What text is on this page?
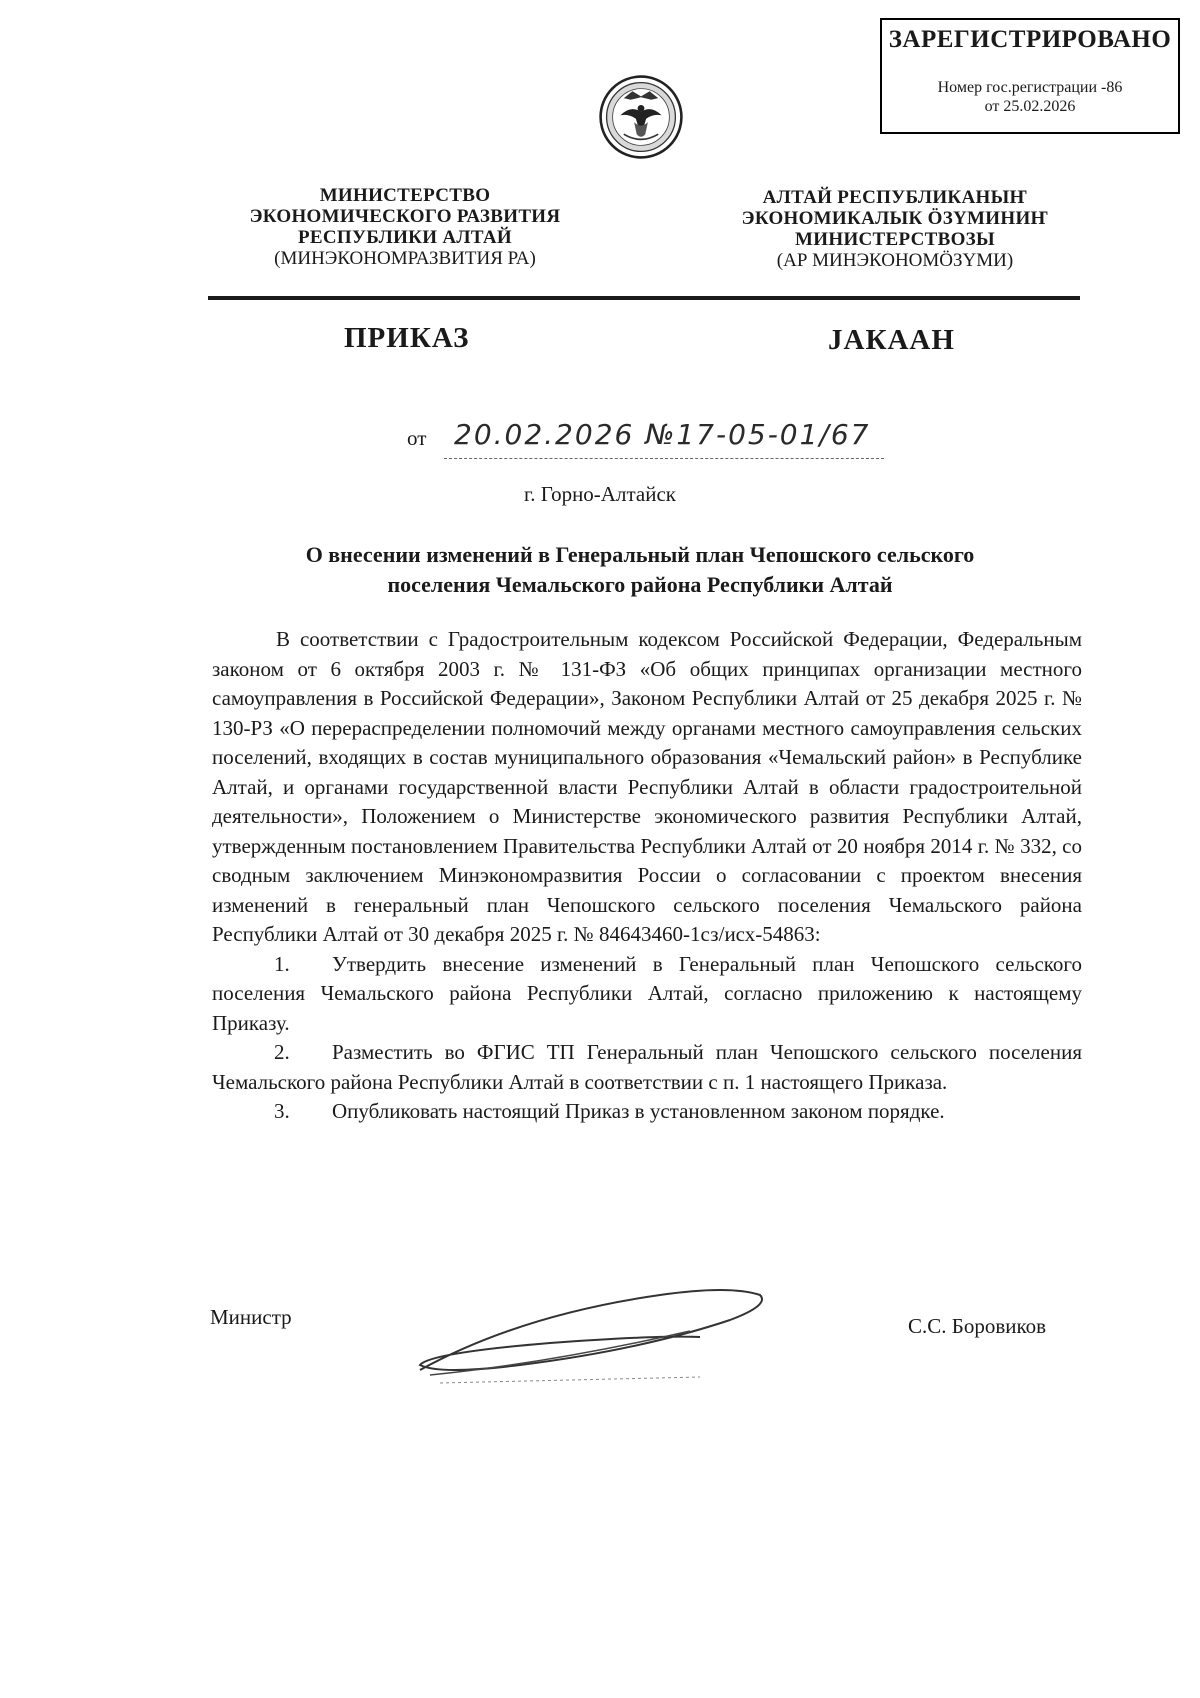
ЗАРЕГИСТРИРОВАНО
Номер гос.регистрации -86
от 25.02.2026
МИНИСТЕРСТВО
ЭКОНОМИЧЕСКОГО РАЗВИТИЯ
РЕСПУБЛИКИ АЛТАЙ
(МИНЭКОНОМРАЗВИТИЯ РА)
АЛТАЙ РЕСПУБЛИКАНЫҤ
ЭКОНОМИКАЛЫК ÖЗҮМИНИҤ
МИНИСТЕРСТВОЗЫ
(АР МИНЭКОНОМÖЗҮМИ)
ПРИКАЗ	JАКААН
от 20.02.2026 №17-05-01/67
г. Горно-Алтайск
О внесении изменений в Генеральный план Чепошского сельского
поселения Чемальского района Республики Алтай

В соответствии с Градостроительным кодексом Российской Федерации, Федеральным законом от 6 октября 2003 г. № 131-ФЗ «Об общих принципах организации местного самоуправления в Российской Федерации», Законом Республики Алтай от 25 декабря 2025 г. № 130-РЗ «О перераспределении полномочий между органами местного самоуправления сельских поселений, входящих в состав муниципального образования «Чемальский район» в Республике Алтай, и органами государственной власти Республики Алтай в области градостроительной деятельности», Положением о Министерстве экономического развития Республики Алтай, утвержденным постановлением Правительства Республики Алтай от 20 ноября 2014 г. № 332, со сводным заключением Минэкономразвития России о согласовании с проектом внесения изменений в генеральный план Чепошского сельского поселения Чемальского района Республики Алтай от 30 декабря 2025 г. № 84643460-1сз/исх-54863:

1. Утвердить внесение изменений в Генеральный план Чепошского сельского поселения Чемальского района Республики Алтай, согласно приложению к настоящему Приказу.

2. Разместить во ФГИС ТП Генеральный план Чепошского сельского поселения Чемальского района Республики Алтай в соответствии с п. 1 настоящего Приказа.

3. Опубликовать настоящий Приказ в установленном законом порядке.

Министр	С.С. Боровиков
